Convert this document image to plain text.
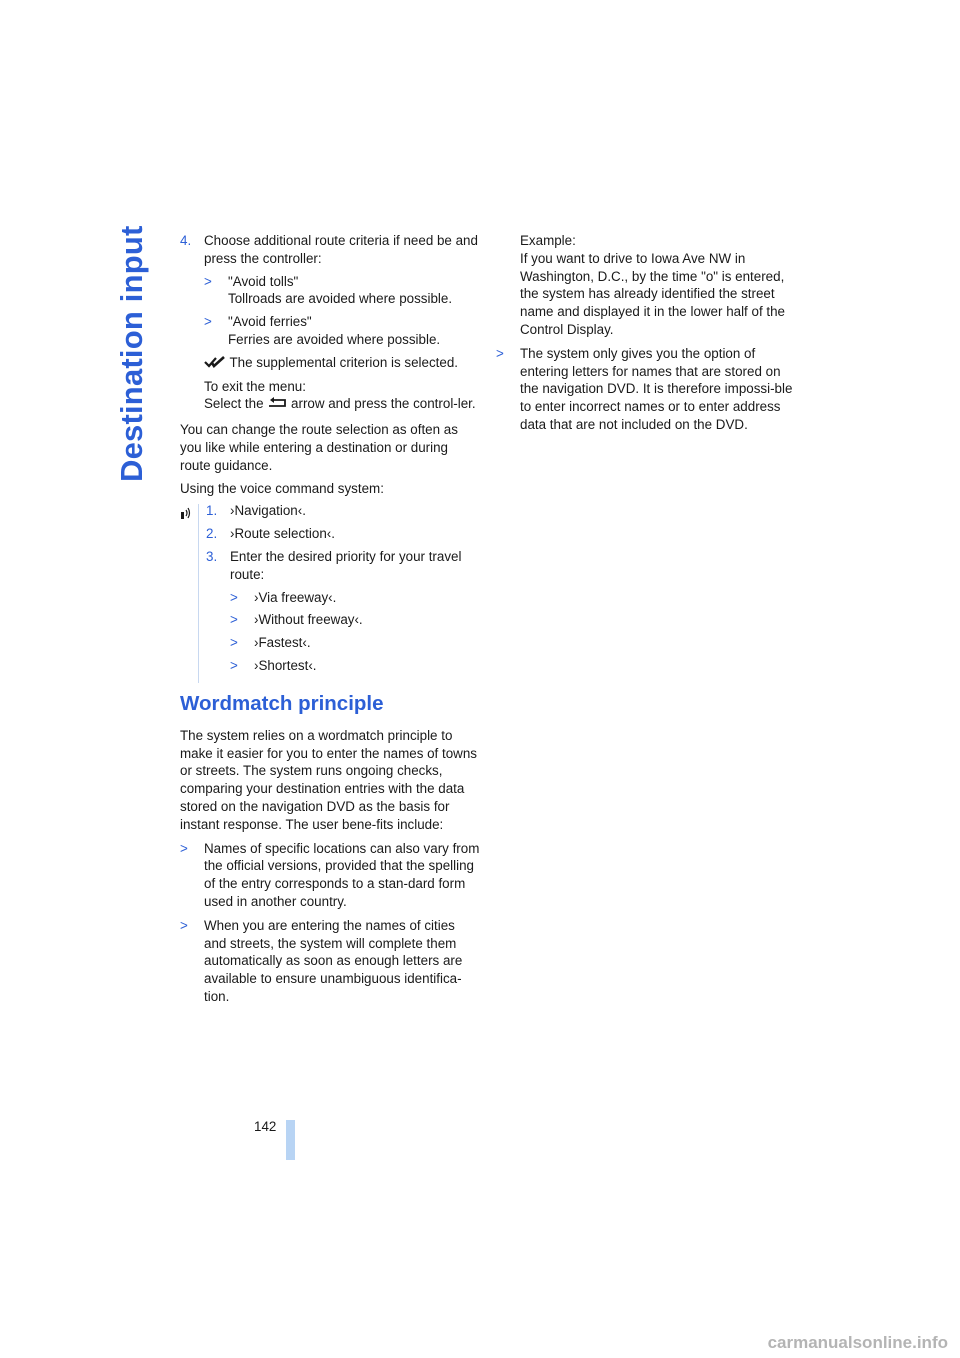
Destination input 4. Choose additional route criteria if need be and press the controller:

> "Avoid tolls"
Tollroads are avoided where possible.
> "Avoid ferries"
Ferries are avoided where possible.

The supplemental criterion is selected.

To exit the menu:
Select the arrow and press the control-ler.

You can change the route selection as often as you like while entering a destination or during route guidance.

Using the voice command system:

1. ›Navigation‹.
2. ›Route selection‹.
3. Enter the desired priority for your travel route:
> ›Via freeway‹.
> ›Without freeway‹.
> ›Fastest‹.
> ›Shortest‹.
Wordmatch principle

The system relies on a wordmatch principle to make it easier for you to enter the names of towns or streets. The system runs ongoing checks, comparing your destination entries with the data stored on the navigation DVD as the basis for instant response. The user bene-fits include:

> Names of specific locations can also vary from the official versions, provided that the spelling of the entry corresponds to a stan-dard form used in another country.
> When you are entering the names of cities and streets, the system will complete them automatically as soon as enough letters are available to ensure unambiguous identifica-tion.
Example:

If you want to drive to Iowa Ave NW in Washington, D.C., by the time "o" is entered, the system has already identified the street name and displayed it in the lower half of the Control Display.

> The system only gives you the option of entering letters for names that are stored on the navigation DVD. It is therefore impossi-ble to enter incorrect names or to enter address data that are not included on the DVD.
142
carmanualsonline.info
